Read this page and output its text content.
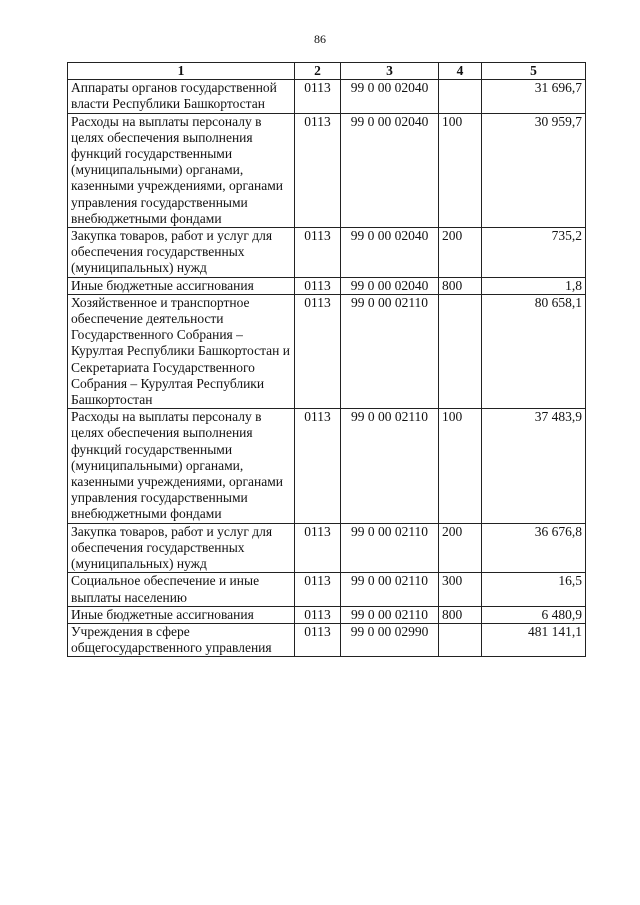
86
1	2	3	4	5
Аппараты органов государственной власти Республики Башкортостан	0113	99 0 00 02040		31 696,7
Расходы на выплаты персоналу в целях обеспечения выполнения функций государственными (муниципальными) органами, казенными учреждениями, органами управления государственными внебюджетными фондами	0113	99 0 00 02040	100	30 959,7
Закупка товаров, работ и услуг для обеспечения государственных (муниципальных) нужд	0113	99 0 00 02040	200	735,2
Иные бюджетные ассигнования	0113	99 0 00 02040	800	1,8
Хозяйственное и транспортное обеспечение деятельности Государственного Собрания – Курултая Республики Башкортостан и Секретариата Государственного Собрания – Курултая Республики Башкортостан	0113	99 0 00 02110		80 658,1
Расходы на выплаты персоналу в целях обеспечения выполнения функций государственными (муниципальными) органами, казенными учреждениями, органами управления государственными внебюджетными фондами	0113	99 0 00 02110	100	37 483,9
Закупка товаров, работ и услуг для обеспечения государственных (муниципальных) нужд	0113	99 0 00 02110	200	36 676,8
Социальное обеспечение и иные выплаты населению	0113	99 0 00 02110	300	16,5
Иные бюджетные ассигнования	0113	99 0 00 02110	800	6 480,9
Учреждения в сфере общегосударственного управления	0113	99 0 00 02990		481 141,1
